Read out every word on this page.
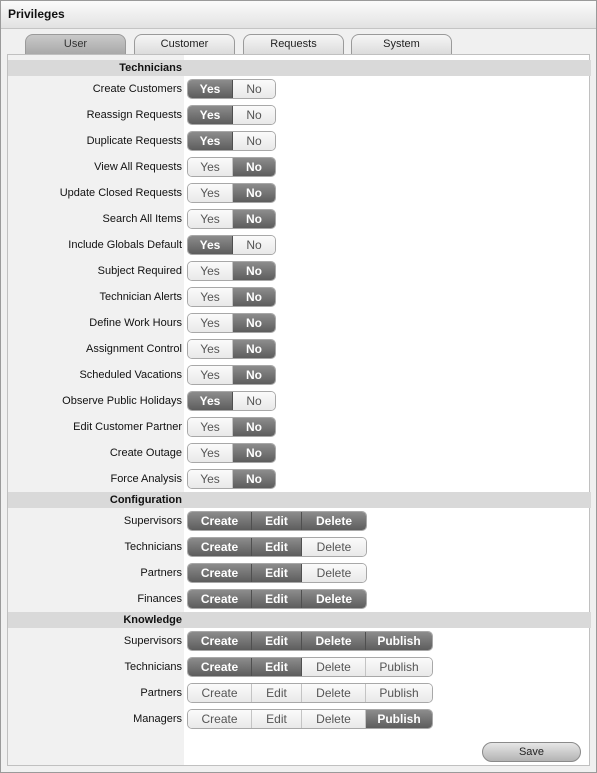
Privileges
User	Customer	Requests	System
Technicians
Create Customers	Yes	No
Reassign Requests	Yes	No
Duplicate Requests	Yes	No
View All Requests	Yes	No
Update Closed Requests	Yes	No
Search All Items	Yes	No
Include Globals Default	Yes	No
Subject Required	Yes	No
Technician Alerts	Yes	No
Define Work Hours	Yes	No
Assignment Control	Yes	No
Scheduled Vacations	Yes	No
Observe Public Holidays	Yes	No
Edit Customer Partner	Yes	No
Create Outage	Yes	No
Force Analysis	Yes	No
Configuration
Supervisors	Create	Edit	Delete
Technicians	Create	Edit	Delete
Partners	Create	Edit	Delete
Finances	Create	Edit	Delete
Knowledge
Supervisors	Create	Edit	Delete	Publish
Technicians	Create	Edit	Delete	Publish
Partners	Create	Edit	Delete	Publish
Managers	Create	Edit	Delete	Publish
Save
